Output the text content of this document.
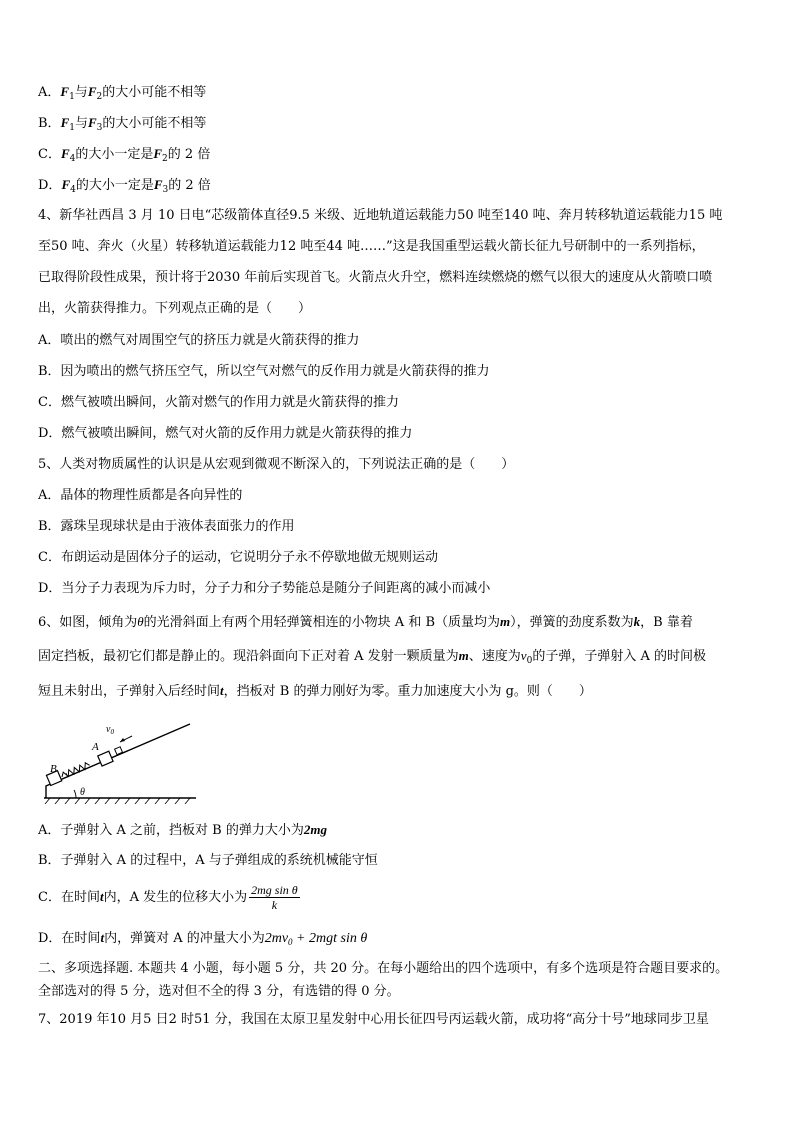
A．$F_1$与$F_2$的大小可能不相等
B．$F_1$与$F_3$的大小可能不相等
C．$F_4$的大小一定是$F_2$的 2 倍
D．$F_4$的大小一定是$F_3$的 2 倍
4、新华社西昌 3 月 10 日电“芯级箭体直径9.5 米级、近地轨道运载能力50 吨至140 吨、奔月转移轨道运载能力15 吨
至50 吨、奔火（火星）转移轨道运载能力12 吨至44 吨……”这是我国重型运载火箭长征九号研制中的一系列指标，
已取得阶段性成果，预计将于2030 年前后实现首飞。火箭点火升空，燃料连续燃烧的燃气以很大的速度从火箭喷口喷
出，火箭获得推力。下列观点正确的是（　　）
A．喷出的燃气对周围空气的挤压力就是火箭获得的推力
B．因为喷出的燃气挤压空气，所以空气对燃气的反作用力就是火箭获得的推力
C．燃气被喷出瞬间，火箭对燃气的作用力就是火箭获得的推力
D．燃气被喷出瞬间，燃气对火箭的反作用力就是火箭获得的推力
5、人类对物质属性的认识是从宏观到微观不断深入的，下列说法正确的是（　　）
A．晶体的物理性质都是各向异性的
B．露珠呈现球状是由于液体表面张力的作用
C．布朗运动是固体分子的运动，它说明分子永不停歇地做无规则运动
D．当分子力表现为斥力时，分子力和分子势能总是随分子间距离的减小而减小
6、如图，倾角为θ的光滑斜面上有两个用轻弹簧相连的小物块 A 和 B（质量均为m），弹簧的劲度系数为k，B 靠着
固定挡板，最初它们都是静止的。现沿斜面向下正对着 A 发射一颗质量为m、速度为$v_0$的子弹，子弹射入 A 的时间极
短且未射出，子弹射入后经时间t，挡板对 B 的弹力刚好为零。重力加速度大小为 g。则（　　）
$v_0$
A
B
θ
A．子弹射入 A 之前，挡板对 B 的弹力大小为2mg
B．子弹射入 A 的过程中，A 与子弹组成的系统机械能守恒
C．在时间t内，A 发生的位移大小为 $\frac{\text{2mg sin θ}}{k}$
D．在时间t内，弹簧对 A 的冲量大小为$2mv_0 + 2mgt$ sin θ
二、多项选择题. 本题共 4 小题，每小题 5 分，共 20 分。在每小题给出的四个选项中，有多个选项是符合题目要求的。
全部选对的得 5 分，选对但不全的得 3 分，有选错的得 0 分。
7、2019 年10 月5 日2 时51 分，我国在太原卫星发射中心用长征四号丙运载火箭，成功将“高分十号”地球同步卫星
